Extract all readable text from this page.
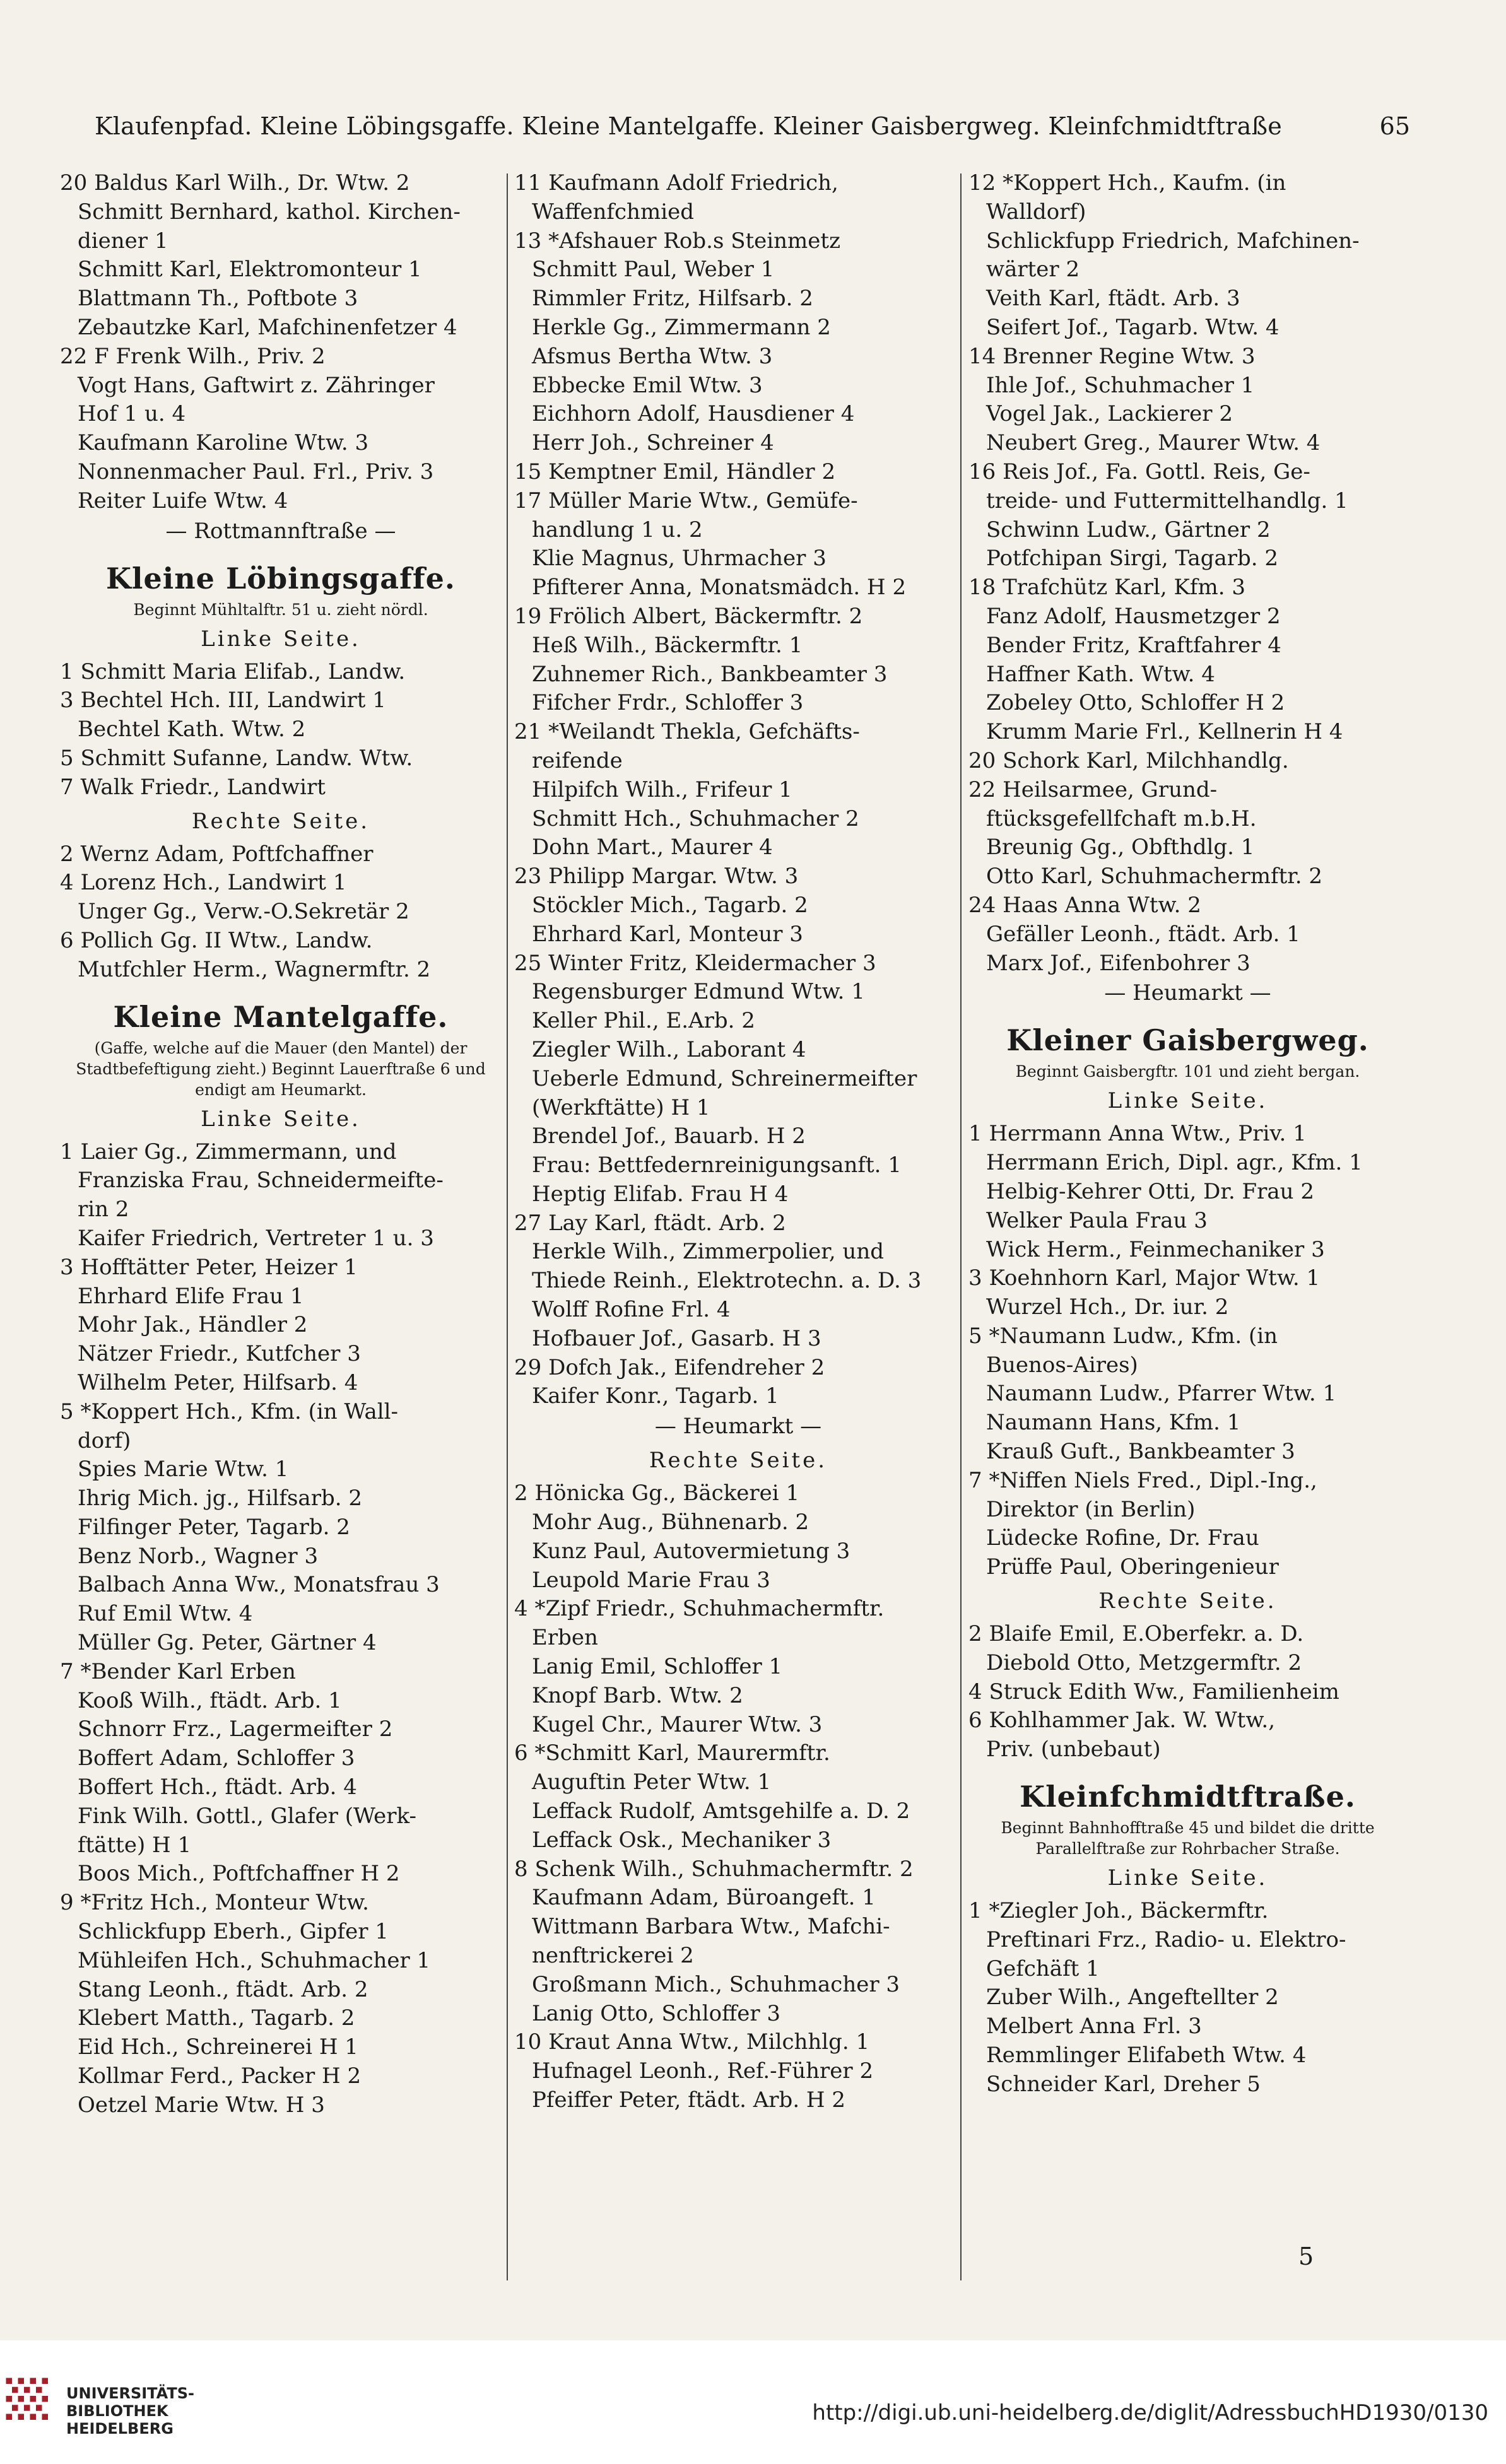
Klaufenpfad. Kleine Löbingsgaffe. Kleine Mantelgaffe. Kleiner Gaisbergweg. Kleinfchmidtftraße	65
20 Baldus Karl Wilh., Dr. Wtw. 2
Schmitt Bernhard, kathol. Kirchen-
diener 1
Schmitt Karl, Elektromonteur 1
Blattmann Th., Poftbote 3
Zebautzke Karl, Mafchinenfetzer 4
22 F Frenk Wilh., Priv. 2
Vogt Hans, Gaftwirt z. Zähringer
Hof 1 u. 4
Kaufmann Karoline Wtw. 3
Nonnenmacher Paul. Frl., Priv. 3
Reiter Luife Wtw. 4
— Rottmannftraße —
Kleine Löbingsgaffe.
Beginnt Mühltalftr. 51 u. zieht nördl.
Linke Seite.
1 Schmitt Maria Elifab., Landw.
3 Bechtel Hch. III, Landwirt 1
Bechtel Kath. Wtw. 2
5 Schmitt Sufanne, Landw. Wtw.
7 Walk Friedr., Landwirt
Rechte Seite.
2 Wernz Adam, Poftfchaffner
4 Lorenz Hch., Landwirt 1
Unger Gg., Verw.-O.Sekretär 2
6 Pollich Gg. II Wtw., Landw.
Mutfchler Herm., Wagnermftr. 2
Kleine Mantelgaffe.
(Gaffe, welche auf die Mauer (den Mantel) der Stadtbefeftigung zieht.) Beginnt Lauerftraße 6 und endigt am Heumarkt.
Linke Seite.
1 Laier Gg., Zimmermann, und
Franziska Frau, Schneidermeifte-
rin 2
Kaifer Friedrich, Vertreter 1 u. 3
3 Hofftätter Peter, Heizer 1
Ehrhard Elife Frau 1
Mohr Jak., Händler 2
Nätzer Friedr., Kutfcher 3
Wilhelm Peter, Hilfsarb. 4
5 *Koppert Hch., Kfm. (in Wall-
dorf)
Spies Marie Wtw. 1
Ihrig Mich. jg., Hilfsarb. 2
Filfinger Peter, Tagarb. 2
Benz Norb., Wagner 3
Balbach Anna Ww., Monatsfrau 3
Ruf Emil Wtw. 4
Müller Gg. Peter, Gärtner 4
7 *Bender Karl Erben
Kooß Wilh., ftädt. Arb. 1
Schnorr Frz., Lagermeifter 2
Boffert Adam, Schloffer 3
Boffert Hch., ftädt. Arb. 4
Fink Wilh. Gottl., Glafer (Werk-
ftätte) H 1
Boos Mich., Poftfchaffner H 2
9 *Fritz Hch., Monteur Wtw.
Schlickfupp Eberh., Gipfer 1
Mühleifen Hch., Schuhmacher 1
Stang Leonh., ftädt. Arb. 2
Klebert Matth., Tagarb. 2
Eid Hch., Schreinerei H 1
Kollmar Ferd., Packer H 2
Oetzel Marie Wtw. H 3
11 Kaufmann Adolf Friedrich,
Waffenfchmied
13 *Afshauer Rob.s Steinmetz
Schmitt Paul, Weber 1
Rimmler Fritz, Hilfsarb. 2
Herkle Gg., Zimmermann 2
Afsmus Bertha Wtw. 3
Ebbecke Emil Wtw. 3
Eichhorn Adolf, Hausdiener 4
Herr Joh., Schreiner 4
15 Kemptner Emil, Händler 2
17 Müller Marie Wtw., Gemüfe-
handlung 1 u. 2
Klie Magnus, Uhrmacher 3
Pfifterer Anna, Monatsmädch. H 2
19 Frölich Albert, Bäckermftr. 2
Heß Wilh., Bäckermftr. 1
Zuhnemer Rich., Bankbeamter 3
Fifcher Frdr., Schloffer 3
21 *Weilandt Thekla, Gefchäfts-
reifende
Hilpifch Wilh., Frifeur 1
Schmitt Hch., Schuhmacher 2
Dohn Mart., Maurer 4
23 Philipp Margar. Wtw. 3
Stöckler Mich., Tagarb. 2
Ehrhard Karl, Monteur 3
25 Winter Fritz, Kleidermacher 3
Regensburger Edmund Wtw. 1
Keller Phil., E.Arb. 2
Ziegler Wilh., Laborant 4
Ueberle Edmund, Schreinermeifter
(Werkftätte) H 1
Brendel Jof., Bauarb. H 2
Frau: Bettfedernreinigungsanft. 1
Heptig Elifab. Frau H 4
27 Lay Karl, ftädt. Arb. 2
Herkle Wilh., Zimmerpolier, und
Thiede Reinh., Elektrotechn. a. D. 3
Wolff Rofine Frl. 4
Hofbauer Jof., Gasarb. H 3
29 Dofch Jak., Eifendreher 2
Kaifer Konr., Tagarb. 1
— Heumarkt —
Rechte Seite.
2 Hönicka Gg., Bäckerei 1
Mohr Aug., Bühnenarb. 2
Kunz Paul, Autovermietung 3
Leupold Marie Frau 3
4 *Zipf Friedr., Schuhmachermftr.
Erben
Lanig Emil, Schloffer 1
Knopf Barb. Wtw. 2
Kugel Chr., Maurer Wtw. 3
6 *Schmitt Karl, Maurermftr.
Auguftin Peter Wtw. 1
Leffack Rudolf, Amtsgehilfe a. D. 2
Leffack Osk., Mechaniker 3
8 Schenk Wilh., Schuhmachermftr. 2
Kaufmann Adam, Büroangeft. 1
Wittmann Barbara Wtw., Mafchi-
nenftrickerei 2
Großmann Mich., Schuhmacher 3
Lanig Otto, Schloffer 3
10 Kraut Anna Wtw., Milchhlg. 1
Hufnagel Leonh., Ref.-Führer 2
Pfeiffer Peter, ftädt. Arb. H 2
12 *Koppert Hch., Kaufm. (in
Walldorf)
Schlickfupp Friedrich, Mafchinen-
wärter 2
Veith Karl, ftädt. Arb. 3
Seifert Jof., Tagarb. Wtw. 4
14 Brenner Regine Wtw. 3
Ihle Jof., Schuhmacher 1
Vogel Jak., Lackierer 2
Neubert Greg., Maurer Wtw. 4
16 Reis Jof., Fa. Gottl. Reis, Ge-
treide- und Futtermittelhandlg. 1
Schwinn Ludw., Gärtner 2
Potfchipan Sirgi, Tagarb. 2
18 Trafchütz Karl, Kfm. 3
Fanz Adolf, Hausmetzger 2
Bender Fritz, Kraftfahrer 4
Haffner Kath. Wtw. 4
Zobeley Otto, Schloffer H 2
Krumm Marie Frl., Kellnerin H 4
20 Schork Karl, Milchhandlg.
22 Heilsarmee, Grund-
ftücksgefellfchaft m.b.H.
Breunig Gg., Obfthdlg. 1
Otto Karl, Schuhmachermftr. 2
24 Haas Anna Wtw. 2
Gefäller Leonh., ftädt. Arb. 1
Marx Jof., Eifenbohrer 3
— Heumarkt —
Kleiner Gaisbergweg.
Beginnt Gaisbergftr. 101 und zieht bergan.
Linke Seite.
1 Herrmann Anna Wtw., Priv. 1
Herrmann Erich, Dipl. agr., Kfm. 1
Helbig-Kehrer Otti, Dr. Frau 2
Welker Paula Frau 3
Wick Herm., Feinmechaniker 3
3 Koehnhorn Karl, Major Wtw. 1
Wurzel Hch., Dr. iur. 2
5 *Naumann Ludw., Kfm. (in
Buenos-Aires)
Naumann Ludw., Pfarrer Wtw. 1
Naumann Hans, Kfm. 1
Krauß Guft., Bankbeamter 3
7 *Niffen Niels Fred., Dipl.-Ing.,
Direktor (in Berlin)
Lüdecke Rofine, Dr. Frau
Prüffe Paul, Oberingenieur
Rechte Seite.
2 Blaife Emil, E.Oberfekr. a. D.
Diebold Otto, Metzgermftr. 2
4 Struck Edith Ww., Familienheim
6 Kohlhammer Jak. W. Wtw.,
Priv. (unbebaut)
Kleinfchmidtftraße.
Beginnt Bahnhofftraße 45 und bildet die dritte Parallelftraße zur Rohrbacher Straße.
Linke Seite.
1 *Ziegler Joh., Bäckermftr.
Preftinari Frz., Radio- u. Elektro-
Gefchäft 1
Zuber Wilh., Angeftellter 2
Melbert Anna Frl. 3
Remmlinger Elifabeth Wtw. 4
Schneider Karl, Dreher 5
5
UNIVERSITÄTS-
BIBLIOTHEK
HEIDELBERG
http://digi.ub.uni-heidelberg.de/diglit/AdressbuchHD1930/0130
